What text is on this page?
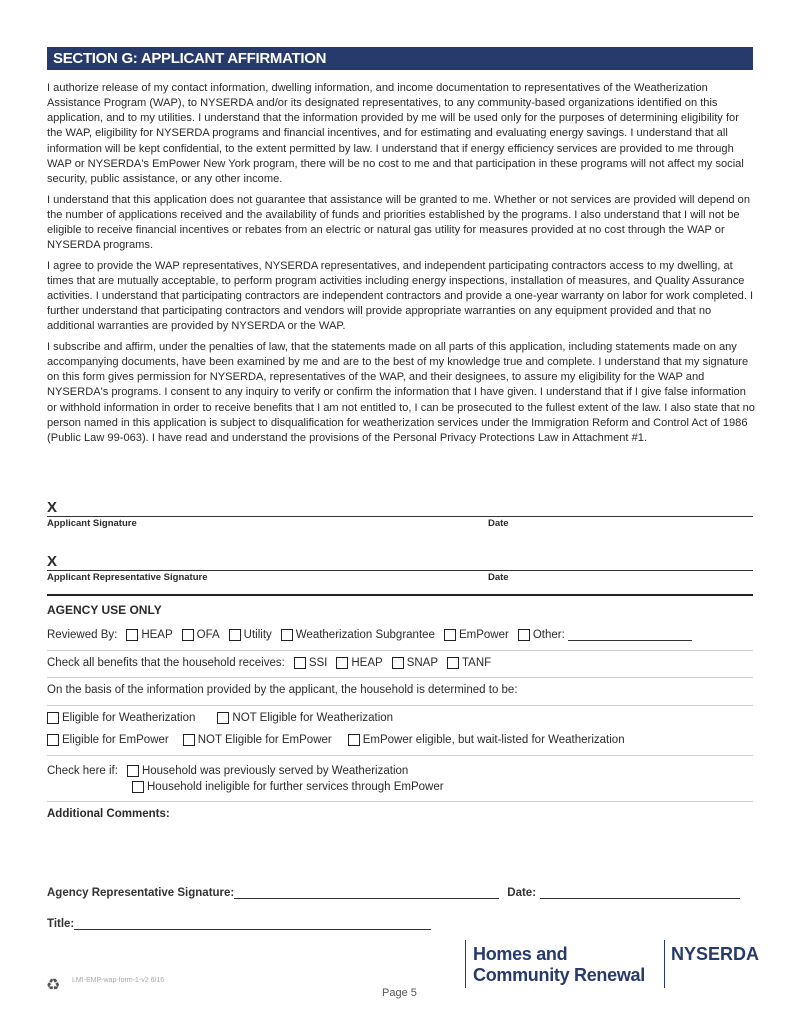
SECTION G: APPLICANT AFFIRMATION

I authorize release of my contact information, dwelling information, and income documentation to representatives of the Weatherization Assistance Program (WAP), to NYSERDA and/or its designated representatives, to any community-based organizations identified on this application, and to my utilities. I understand that the information provided by me will be used only for the purposes of determining eligibility for the WAP, eligibility for NYSERDA programs and financial incentives, and for estimating and evaluating energy savings. I understand that all information will be kept confidential, to the extent permitted by law. I understand that if energy efficiency services are provided to me through WAP or NYSERDA's EmPower New York program, there will be no cost to me and that participation in these programs will not affect my social security, public assistance, or any other income.

I understand that this application does not guarantee that assistance will be granted to me. Whether or not services are provided will depend on the number of applications received and the availability of funds and priorities established by the programs. I also understand that I will not be eligible to receive financial incentives or rebates from an electric or natural gas utility for measures provided at no cost through the WAP or NYSERDA programs.

I agree to provide the WAP representatives, NYSERDA representatives, and independent participating contractors access to my dwelling, at times that are mutually acceptable, to perform program activities including energy inspections, installation of measures, and Quality Assurance activities. I understand that participating contractors are independent contractors and provide a one-year warranty on labor for work completed. I further understand that participating contractors and vendors will provide appropriate warranties on any equipment provided and that no additional warranties are provided by NYSERDA or the WAP.

I subscribe and affirm, under the penalties of law, that the statements made on all parts of this application, including statements made on any accompanying documents, have been examined by me and are to the best of my knowledge true and complete. I understand that my signature on this form gives permission for NYSERDA, representatives of the WAP, and their designees, to assure my eligibility for the WAP and NYSERDA's programs. I consent to any inquiry to verify or confirm the information that I have given. I understand that if I give false information or withhold information in order to receive benefits that I am not entitled to, I can be prosecuted to the fullest extent of the law. I also state that no person named in this application is subject to disqualification for weatherization services under the Immigration Reform and Control Act of 1986 (Public Law 99-063). I have read and understand the provisions of the Personal Privacy Protections Law in Attachment #1.

X
Applicant Signature	Date
X
Applicant Representative Signature	Date
AGENCY USE ONLY
Reviewed By: HEAP OFA Utility Weatherization Subgrantee EmPower Other:
Check all benefits that the household receives: SSI HEAP SNAP TANF
On the basis of the information provided by the applicant, the household is determined to be:
Eligible for Weatherization	NOT Eligible for Weatherization
Eligible for EmPower	NOT Eligible for EmPower	EmPower eligible, but wait-listed for Weatherization
Check here if: Household was previously served by Weatherization
Household ineligible for further services through EmPower
Additional Comments:
Agency Representative Signature:	Date:
Title:
♻ LMI-EMP-wap-form-1-v2 6/16
Page 5
Homes and
Community Renewal
NYSERDA
